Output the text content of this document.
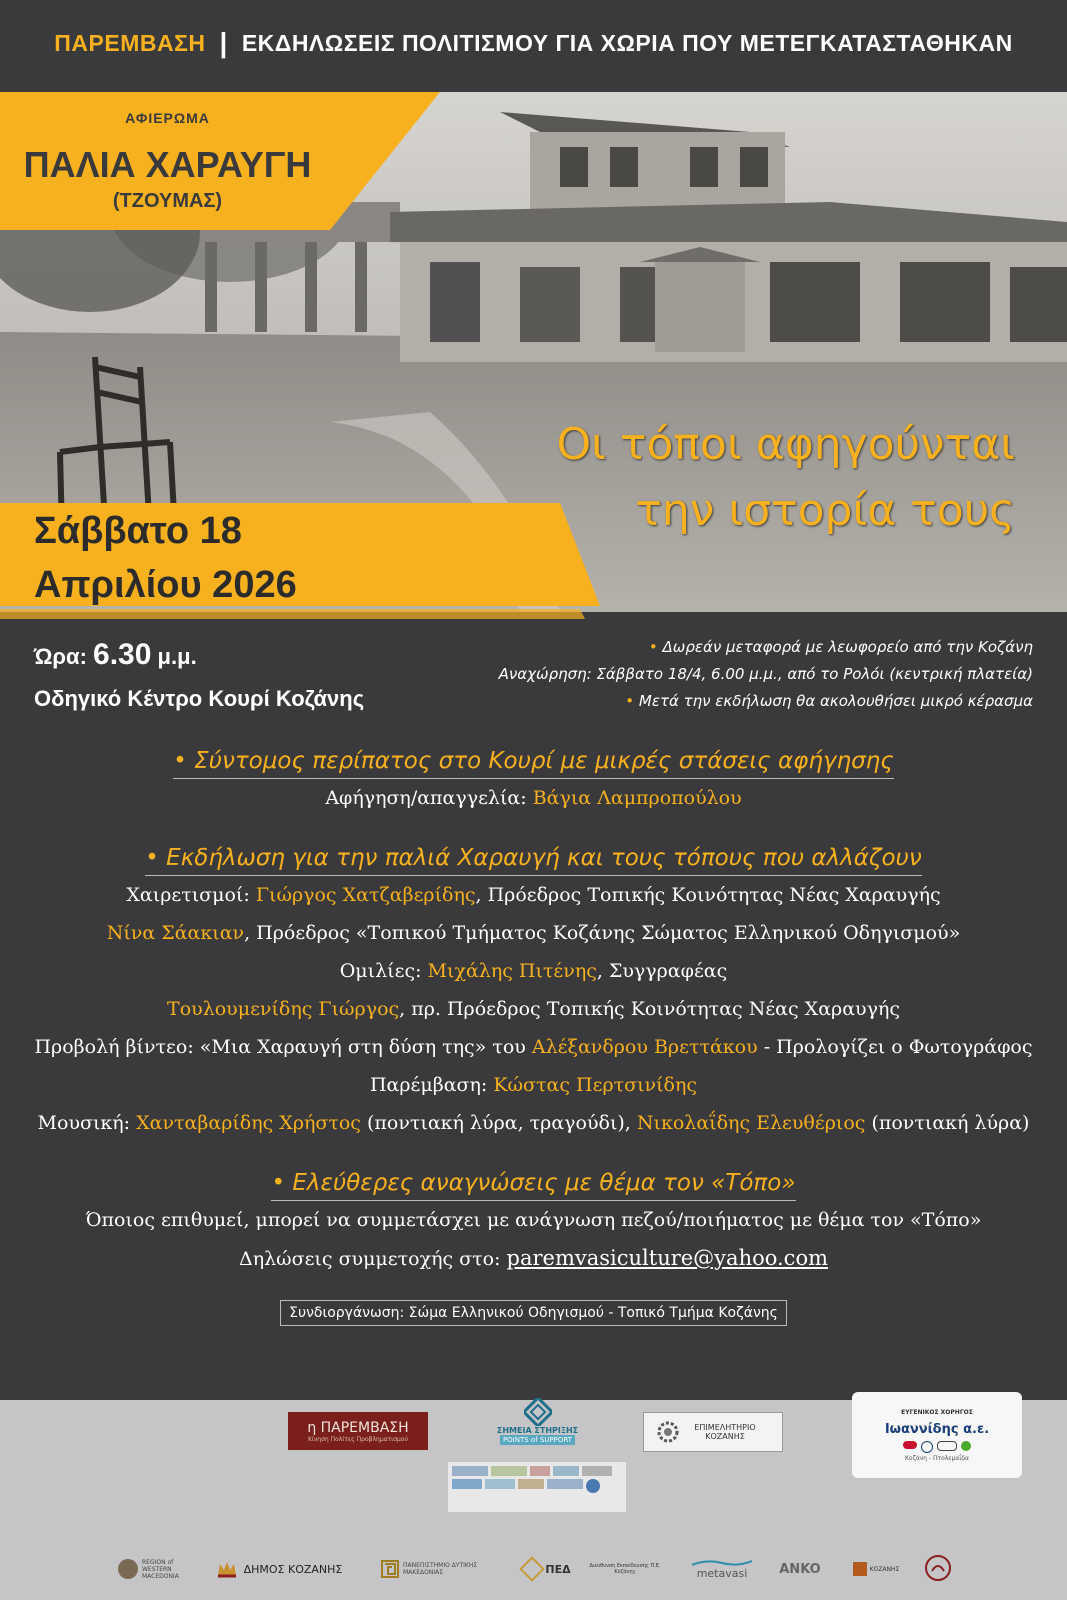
ΠΑΡΕΜΒΑΣΗ | ΕΚΔΗΛΩΣΕΙΣ ΠΟΛΙΤΙΣΜΟΥ ΓΙΑ ΧΩΡΙΑ ΠΟΥ ΜΕΤΕΓΚΑΤΑΣΤΑΘΗΚΑΝ
ΑΦΙΕΡΩΜΑ
ΠΑΛΙΑ ΧΑΡΑΥΓΗ
(ΤΖΟΥΜΑΣ)
Οι τόποι αφηγούνται
την ιστορία τους
Σάββατο 18
Απριλίου 2026
Ώρα: 6.30 μ.μ.
Οδηγικό Κέντρο Κουρί Κοζάνης
• Δωρεάν μεταφορά με λεωφορείο από την Κοζάνη
Αναχώρηση: Σάββατο 18/4, 6.00 μ.μ., από το Ρολόι (κεντρική πλατεία)
• Μετά την εκδήλωση θα ακολουθήσει μικρό κέρασμα
• Σύντομος περίπατος στο Κουρί με μικρές στάσεις αφήγησης
Αφήγηση/απαγγελία: Βάγια Λαμπροπούλου
• Εκδήλωση για την παλιά Χαραυγή και τους τόπους που αλλάζουν
Χαιρετισμοί: Γιώργος Χατζαβερίδης, Πρόεδρος Τοπικής Κοινότητας Νέας Χαραυγής
Νίνα Σάακιαν, Πρόεδρος «Τοπικού Τμήματος Κοζάνης Σώματος Ελληνικού Οδηγισμού»
Ομιλίες: Μιχάλης Πιτένης, Συγγραφέας
Τουλουμενίδης Γιώργος, πρ. Πρόεδρος Τοπικής Κοινότητας Νέας Χαραυγής
Προβολή βίντεο: «Μια Χαραυγή στη δύση της» του Αλέξανδρου Βρεττάκου - Προλογίζει ο Φωτογράφος
Παρέμβαση: Κώστας Περτσινίδης
Μουσική: Χανταβαρίδης Χρήστος (ποντιακή λύρα, τραγούδι), Νικολαΐδης Ελευθέριος (ποντιακή λύρα)
• Ελεύθερες αναγνώσεις με θέμα τον «Τόπο»
Όποιος επιθυμεί, μπορεί να συμμετάσχει με ανάγνωση πεζού/ποιήματος με θέμα τον «Τόπο»
Δηλώσεις συμμετοχής στο: paremvasiculture@yahoo.com
Συνδιοργάνωση: Σώμα Ελληνικού Οδηγισμού - Τοπικό Τμήμα Κοζάνης
η ΠΑΡΕΜΒΑΣΗ
Κίνηση Πολίτες Προβληματισμού
ΣΗΜΕΙΑ ΣΤΗΡΙΞΗΣ
POINTS of SUPPORT
ΕΠΙΜΕΛΗΤΗΡΙΟ ΚΟΖΑΝΗΣ
ΕΥΓΕΝΙΚΟΣ ΧΟΡΗΓΟΣ
Ιωαννίδης α.ε.
Κοζάνη - Πτολεμαΐδα
REGION of WESTERN MACEDONIA
ΔΗΜΟΣ ΚΟΖΑΝΗΣ	ΠΑΝΕΠΙΣΤΗΜΙΟ ΔΥΤΙΚΗΣ ΜΑΚΕΔΟΝΙΑΣ	ΠΕΔ	Διευθυνση Εκπαίδευσης Π.Ε. Κοζάνης	metavasi ANKO	ΚΟΖΑΝΗΣ
